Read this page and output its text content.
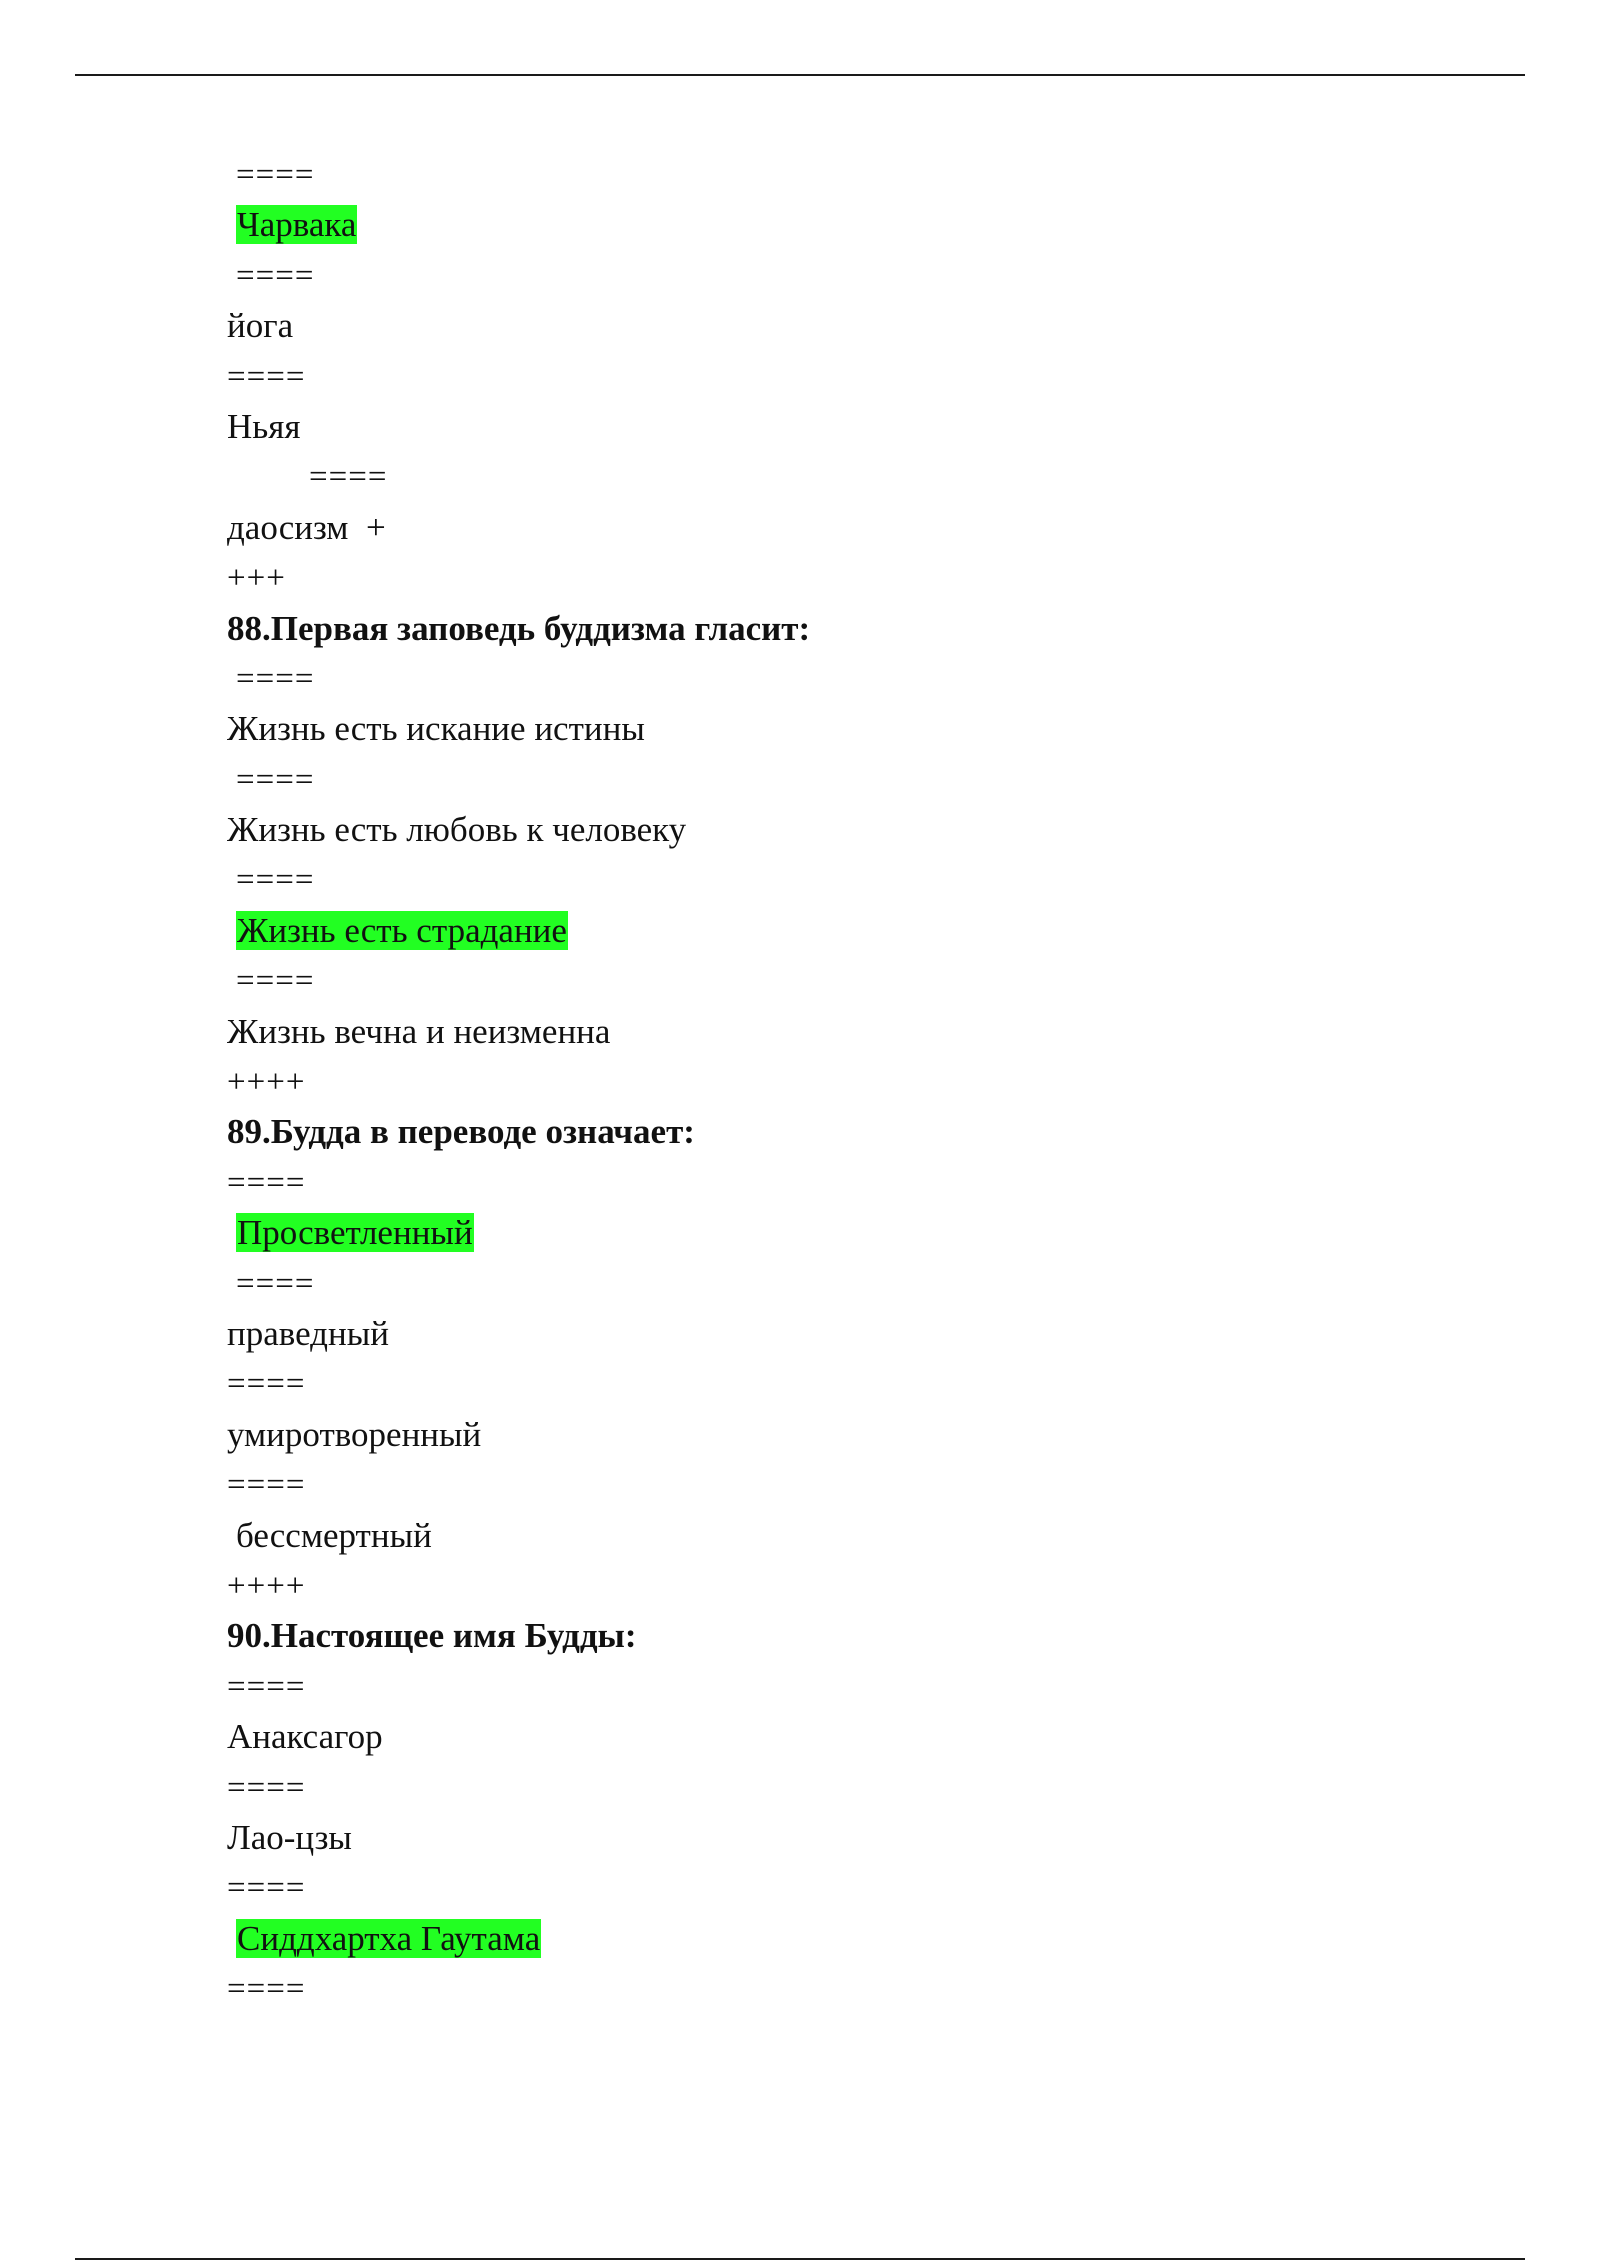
====
Чарвака
====
йога
====
Ньяя
====
даосизм  +
+++
88.Первая заповедь буддизма гласит:
====
Жизнь есть искание истины
====
Жизнь есть любовь к человеку
====
Жизнь есть страдание
====
Жизнь вечна и неизменна
++++
89.Будда в переводе означает:
====
Просветленный
====
праведный
====
умиротворенный
====
бессмертный
++++
90.Настоящее имя Будды:
====
Анаксагор
====
Лао-цзы
====
Сиддхартха Гаутама
====
